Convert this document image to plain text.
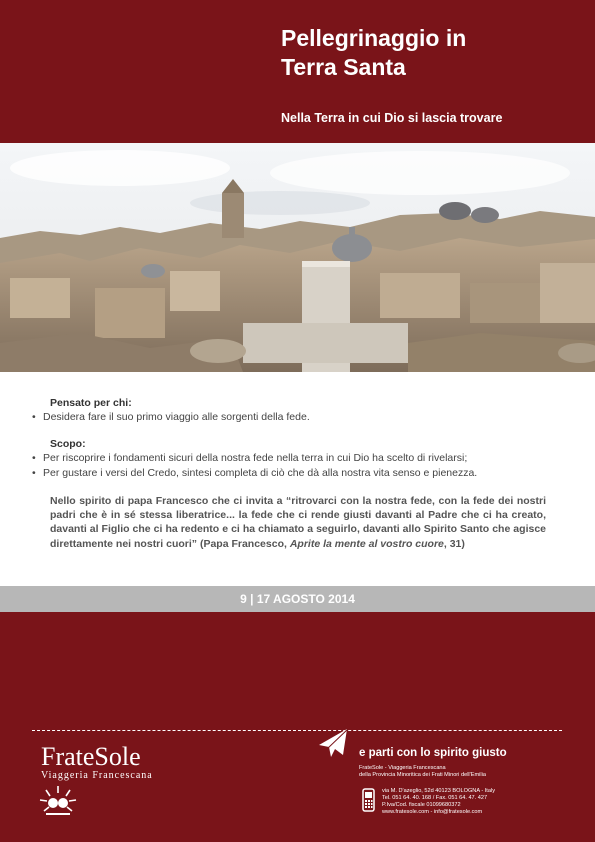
Pellegrinaggio in
Terra Santa
Nella Terra in cui Dio si lascia trovare
Pensato per chi:
• Desidera fare il suo primo viaggio alle sorgenti della fede.
Scopo:
• Per riscoprire i fondamenti sicuri della nostra fede nella terra in cui Dio ha scelto di rivelarsi;
• Per gustare i versi del Credo, sintesi completa di ciò che dà alla nostra vita senso e pienezza.
Nello spirito di papa Francesco che ci invita a “ritrovarci con la nostra fede, con la fede dei nostri padri che è in sé stessa liberatrice... la fede che ci rende giusti davanti al Padre che ci ha creato, davanti al Figlio che ci ha redento e ci ha chiamato a seguirlo, davanti allo Spirito Santo che agisce direttamente nei nostri cuori” (Papa Francesco, Aprite la mente al vostro cuore, 31)
9 | 17 AGOSTO 2014
FrateSole
Viaggeria Francescana
e parti con lo spirito giusto
FrateSole - Viaggeria Francescana
della Provincia Minoritica dei Frati Minori dell'Emilia
via M. D'azeglio, 52d 40123 BOLOGNA - Italy
Tel. 051 64. 40. 168 / Fax. 051 64. 47. 427
P.Iva/Cod. fiscale 01099680372
www.fratesole.com - info@fratesole.com
